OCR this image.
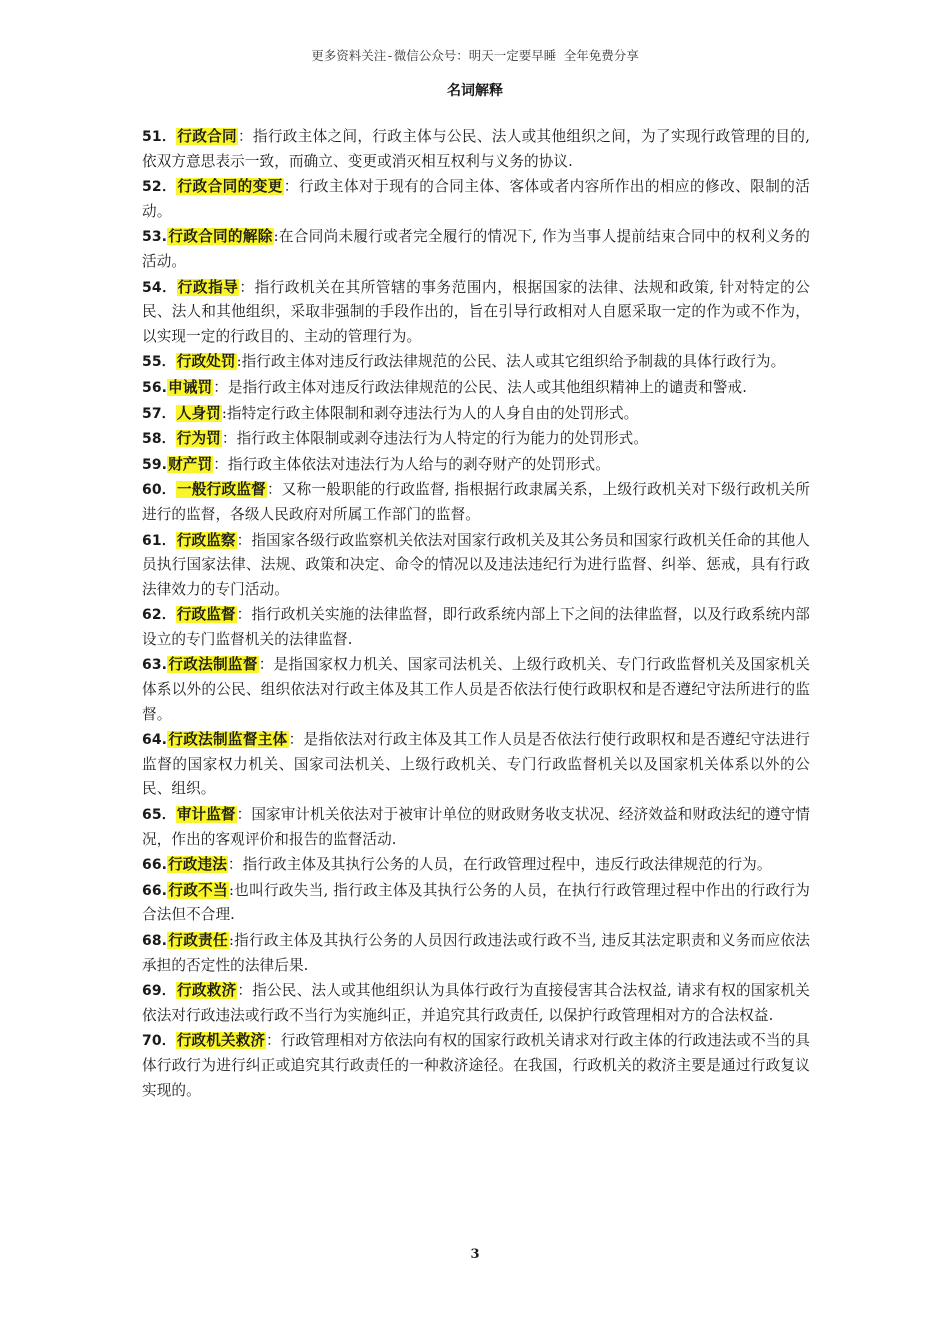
更多资料关注-微信公众号：明天一定要早睡 全年免费分享
名词解释

51．行政合同：指行政主体之间，行政主体与公民、法人或其他组织之间，为了实现行政管理的目的, 依双方意思表示一致，而确立、变更或消灭相互权利与义务的协议.

52．行政合同的变更：行政主体对于现有的合同主体、客体或者内容所作出的相应的修改、限制的活动。

53.行政合同的解除:在合同尚未履行或者完全履行的情况下, 作为当事人提前结束合同中的权利义务的活动。

54．行政指导：指行政机关在其所管辖的事务范围内，根据国家的法律、法规和政策, 针对特定的公民、法人和其他组织，采取非强制的手段作出的，旨在引导行政相对人自愿采取一定的作为或不作为，以实现一定的行政目的、主动的管理行为。

55．行政处罚:指行政主体对违反行政法律规范的公民、法人或其它组织给予制裁的具体行政行为。

56.申诫罚：是指行政主体对违反行政法律规范的公民、法人或其他组织精神上的谴责和警戒.

57．人身罚:指特定行政主体限制和剥夺违法行为人的人身自由的处罚形式。

58．行为罚：指行政主体限制或剥夺违法行为人特定的行为能力的处罚形式。

59.财产罚：指行政主体依法对违法行为人给与的剥夺财产的处罚形式。

60．一般行政监督：又称一般职能的行政监督, 指根据行政隶属关系，上级行政机关对下级行政机关所进行的监督，各级人民政府对所属工作部门的监督。

61．行政监察：指国家各级行政监察机关依法对国家行政机关及其公务员和国家行政机关任命的其他人员执行国家法律、法规、政策和决定、命令的情况以及违法违纪行为进行监督、纠举、惩戒，具有行政法律效力的专门活动。

62．行政监督：指行政机关实施的法律监督，即行政系统内部上下之间的法律监督，以及行政系统内部设立的专门监督机关的法律监督.

63.行政法制监督：是指国家权力机关、国家司法机关、上级行政机关、专门行政监督机关及国家机关体系以外的公民、组织依法对行政主体及其工作人员是否依法行使行政职权和是否遵纪守法所进行的监督。

64.行政法制监督主体：是指依法对行政主体及其工作人员是否依法行使行政职权和是否遵纪守法进行监督的国家权力机关、国家司法机关、上级行政机关、专门行政监督机关以及国家机关体系以外的公民、组织。

65．审计监督：国家审计机关依法对于被审计单位的财政财务收支状况、经济效益和财政法纪的遵守情况，作出的客观评价和报告的监督活动.

66.行政违法：指行政主体及其执行公务的人员，在行政管理过程中，违反行政法律规范的行为。

66.行政不当:也叫行政失当, 指行政主体及其执行公务的人员，在执行行政管理过程中作出的行政行为合法但不合理.

68.行政责任:指行政主体及其执行公务的人员因行政违法或行政不当, 违反其法定职责和义务而应依法承担的否定性的法律后果.

69．行政救济：指公民、法人或其他组织认为具体行政行为直接侵害其合法权益, 请求有权的国家机关依法对行政违法或行政不当行为实施纠正，并追究其行政责任, 以保护行政管理相对方的合法权益.

70．行政机关救济：行政管理相对方依法向有权的国家行政机关请求对行政主体的行政违法或不当的具体行政行为进行纠正或追究其行政责任的一种救济途径。在我国，行政机关的救济主要是通过行政复议实现的。

3
